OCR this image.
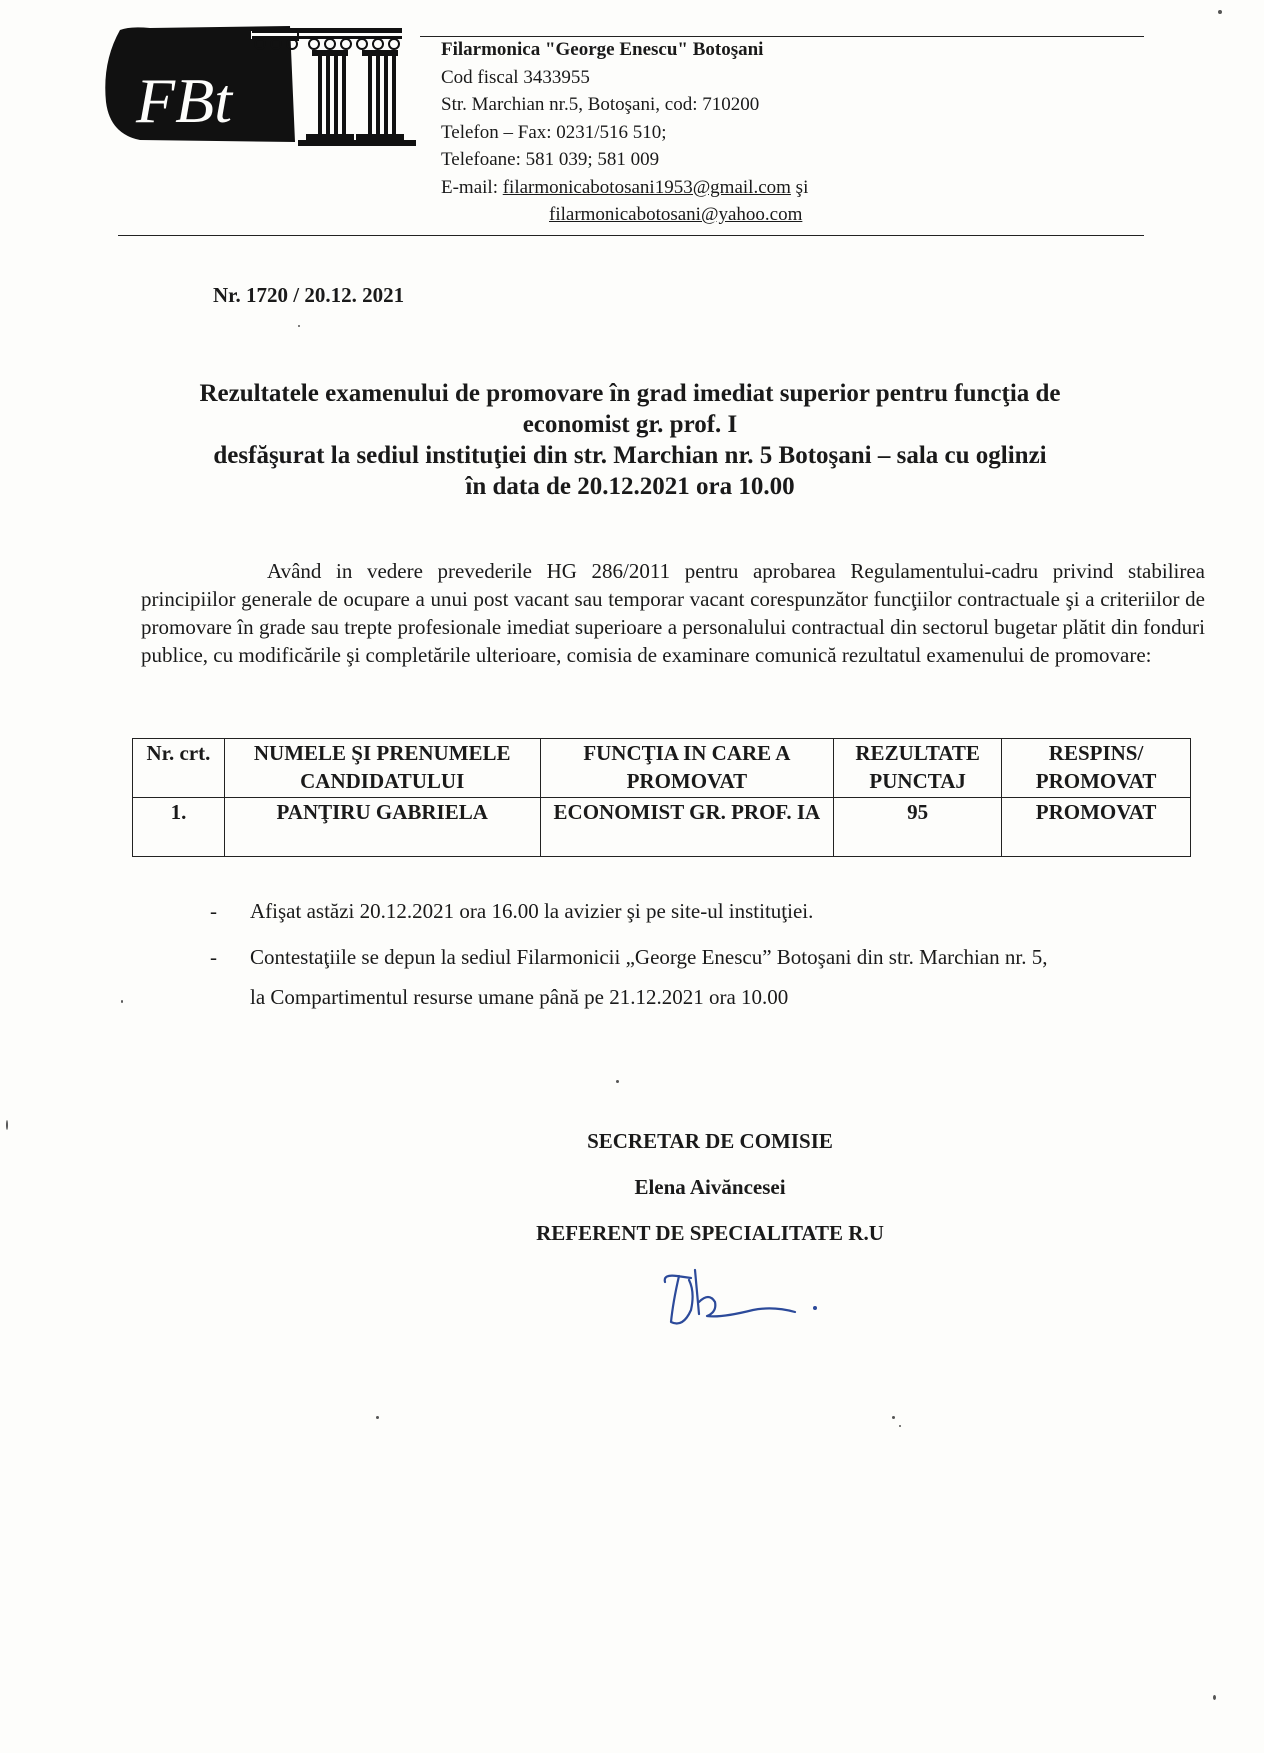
FBt
Filarmonica "George Enescu" Botoşani
Cod fiscal 3433955
Str. Marchian nr.5, Botoşani, cod: 710200
Telefon – Fax: 0231/516 510;
Telefoane: 581 039; 581 009
E-mail: filarmonicabotosani1953@gmail.com şi
filarmonicabotosani@yahoo.com
Nr. 1720 / 20.12. 2021
Rezultatele examenului de promovare în grad imediat superior pentru funcţia de
economist gr. prof. I
desfăşurat la sediul instituţiei din str. Marchian nr. 5 Botoşani – sala cu oglinzi
în data de 20.12.2021 ora 10.00
Având in vedere prevederile HG 286/2011 pentru aprobarea Regulamentului-cadru privind stabilirea principiilor generale de ocupare a unui post vacant sau temporar vacant corespunzător funcţiilor contractuale şi a criteriilor de promovare în grade sau trepte profesionale imediat superioare a personalului contractual din sectorul bugetar plătit din fonduri publice, cu modificările şi completările ulterioare, comisia de examinare comunică rezultatul examenului de promovare:
Nr. crt.	NUMELE ŞI PRENUMELE CANDIDATULUI	FUNCŢIA IN CARE A PROMOVAT	REZULTATE PUNCTAJ	RESPINS/ PROMOVAT
1.	PANŢIRU GABRIELA	ECONOMIST GR. PROF. IA	95	PROMOVAT
- Afişat astăzi 20.12.2021 ora 16.00 la avizier şi pe site-ul instituţiei.
- Contestaţiile se depun la sediul Filarmonicii „George Enescu” Botoşani din str. Marchian nr. 5,
la Compartimentul resurse umane până pe 21.12.2021 ora 10.00
SECRETAR DE COMISIE
Elena Aivăncesei
REFERENT DE SPECIALITATE R.U
